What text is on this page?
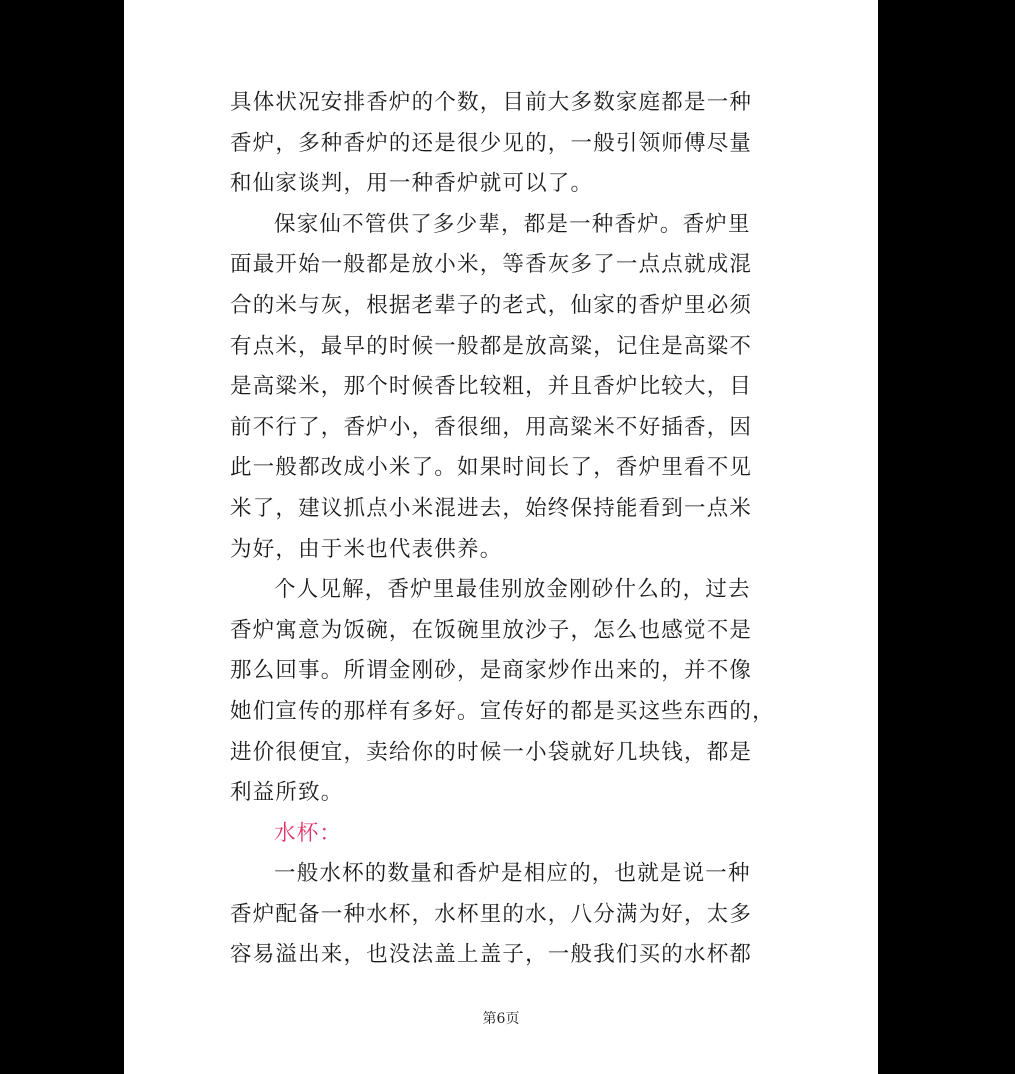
具体状况安排香炉的个数，目前大多数家庭都是一种
香炉，多种香炉的还是很少见的，一般引领师傅尽量
和仙家谈判，用一种香炉就可以了。
保家仙不管供了多少辈，都是一种香炉。香炉里
面最开始一般都是放小米，等香灰多了一点点就成混
合的米与灰，根据老辈子的老式，仙家的香炉里必须
有点米，最早的时候一般都是放高粱，记住是高粱不
是高粱米，那个时候香比较粗，并且香炉比较大，目
前不行了，香炉小，香很细，用高粱米不好插香，因
此一般都改成小米了。如果时间长了，香炉里看不见
米了，建议抓点小米混进去，始终保持能看到一点米
为好，由于米也代表供养。
个人见解，香炉里最佳别放金刚砂什么的，过去
香炉寓意为饭碗，在饭碗里放沙子，怎么也感觉不是
那么回事。所谓金刚砂，是商家炒作出来的，并不像
她们宣传的那样有多好。宣传好的都是买这些东西的，
进价很便宜，卖给你的时候一小袋就好几块钱，都是
利益所致。
水杯：
一般水杯的数量和香炉是相应的，也就是说一种
香炉配备一种水杯，水杯里的水，八分满为好，太多
容易溢出来，也没法盖上盖子，一般我们买的水杯都
第6页
